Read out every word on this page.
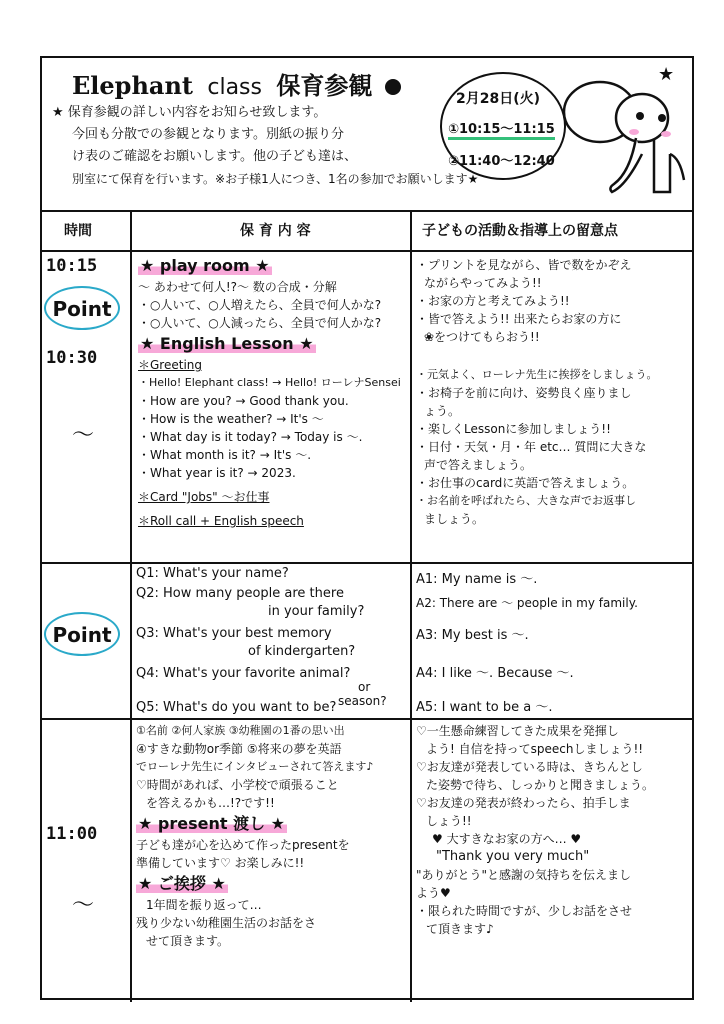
Elephant class 保育参観

★ 保育参観の詳しい内容をお知らせ致します。

今回も分散での参観となります。別紙の振り分

け表のご確認をお願いします。他の子ども達は、

別室にて保育を行います。※お子様1人につき、1名の参加でお願いします★

2月28日(火)
①10:15〜11:15
②11:40〜12:40
★
時間	保 育 内 容	子どもの活動＆指導上の留意点
10:15
Point
10:30
〜
Point
11:00
〜

★ play room ★

〜 あわせて何人!?〜 数の合成・分解

・○人いて、○人増えたら、全員で何人かな?

・○人いて、○人減ったら、全員で何人かな?

★ English Lesson ★

＊Greeting

・Hello! Elephant class! → Hello! ローレナSensei

・How are you? → Good thank you.

・How is the weather? → It's 〜

・What day is it today? → Today is 〜.

・What month is it? → It's 〜.

・What year is it? → 2023.

＊Card "Jobs" 〜お仕事

＊Roll call + English speech

・プリントを見ながら、皆で数をかぞえ

ながらやってみよう!!

・お家の方と考えてみよう!!

・皆で答えよう!! 出来たらお家の方に

❀をつけてもらおう!!

・元気よく、ローレナ先生に挨拶をしましょう。

・お椅子を前に向け、姿勢良く座りまし

ょう。

・楽しくLessonに参加しましょう!!

・日付・天気・月・年 etc… 質問に大きな

声で答えましょう。

・お仕事のcardに英語で答えましょう。

・お名前を呼ばれたら、大きな声でお返事し

ましょう。

Q1: What's your name?
Q2: How many people are there
in your family?
Q3: What's your best memory
of kindergarten?
Q4: What's your favorite animal?
or
season?
Q5: What's do you want to be?
A1: My name is 〜.
A2: There are 〜 people in my family.
A3: My best is 〜.
A4: I like 〜. Because 〜.
A5: I want to be a 〜.

①名前 ②何人家族 ③幼稚園の1番の思い出

④すきな動物or季節 ⑤将来の夢を英語

でローレナ先生にインタビューされて答えます♪

♡時間があれば、小学校で頑張ること

を答えるかも…!?です!!

★ present 渡し ★

子ども達が心を込めて作ったpresentを

準備しています♡ お楽しみに!!

★ ご挨拶 ★

1年間を振り返って…

残り少ない幼稚園生活のお話をさ

せて頂きます。

♡一生懸命練習してきた成果を発揮し

よう! 自信を持ってspeechしましょう!!

♡お友達が発表している時は、きちんとし

た姿勢で待ち、しっかりと聞きましょう。

♡お友達の発表が終わったら、拍手しま

しょう!!

♥ 大すきなお家の方へ… ♥

"Thank you very much"

"ありがとう"と感謝の気持ちを伝えまし

よう♥

・限られた時間ですが、少しお話をさせ

て頂きます♪
